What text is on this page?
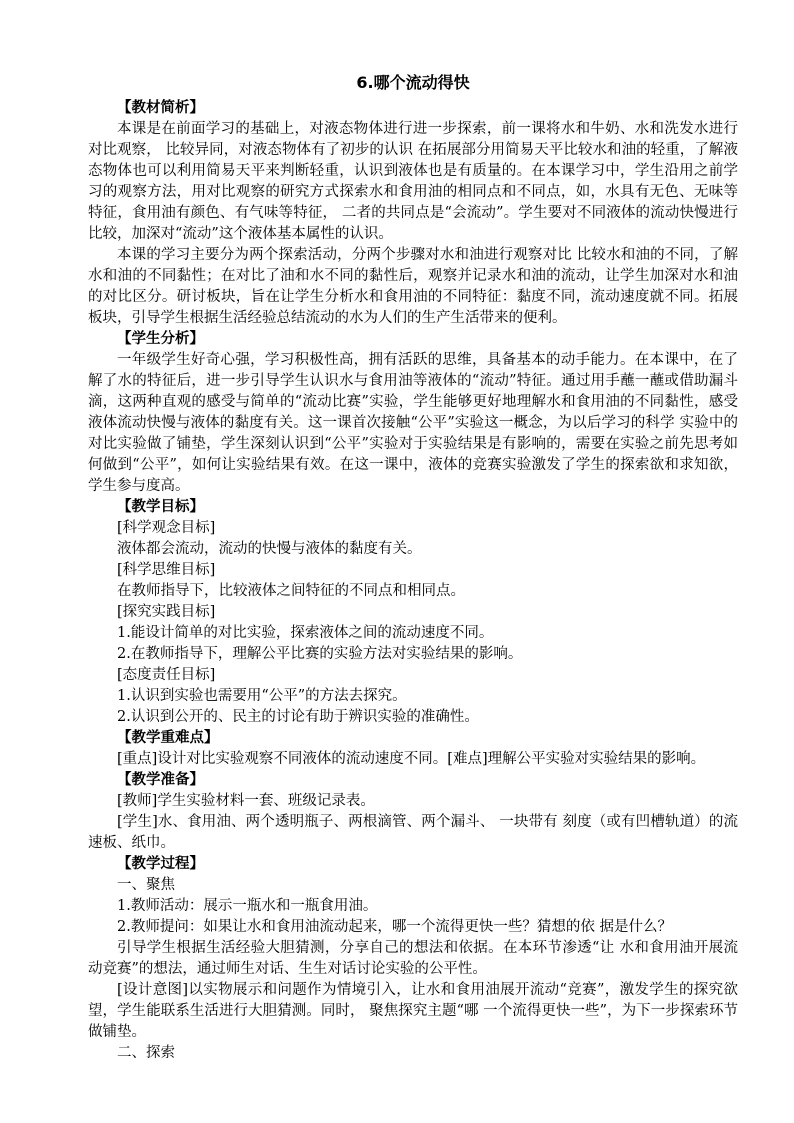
6.哪个流动得快
【教材简析】

本课是在前面学习的基础上，对液态物体进行进一步探索，前一课将水和牛奶、水和洗发水进行对比观察， 比较异同，对液态物体有了初步的认识 在拓展部分用简易天平比较水和油的轻重，了解液态物体也可以利用简易天平来判断轻重，认识到液体也是有质量的。在本课学习中，学生沿用之前学习的观察方法，用对比观察的研究方式探索水和食用油的相同点和不同点，如，水具有无色、无味等特征，食用油有颜色、有气味等特征， 二者的共同点是“会流动”。学生要对不同液体的流动快慢进行比较，加深对“流动”这个液体基本属性的认识。

本课的学习主要分为两个探索活动，分两个步骤对水和油进行观察对比 比较水和油的不同，了解水和油的不同黏性；在对比了油和水不同的黏性后，观察并记录水和油的流动，让学生加深对水和油的对比区分。研讨板块，旨在让学生分析水和食用油的不同特征：黏度不同，流动速度就不同。拓展板块，引导学生根据生活经验总结流动的水为人们的生产生活带来的便利。

【学生分析】

一年级学生好奇心强，学习积极性高，拥有活跃的思维，具备基本的动手能力。在本课中，在了解了水的特征后，进一步引导学生认识水与食用油等液体的“流动”特征。通过用手蘸一蘸或借助漏斗滴，这两种直观的感受与简单的“流动比赛”实验，学生能够更好地理解水和食用油的不同黏性，感受液体流动快慢与液体的黏度有关。这一课首次接触“公平”实验这一概念，为以后学习的科学 实验中的对比实验做了铺垫，学生深刻认识到“公平”实验对于实验结果是有影响的，需要在实验之前先思考如何做到“公平”，如何让实验结果有效。在这一课中，液体的竞赛实验激发了学生的探索欲和求知欲，学生参与度高。

【教学目标】

[科学观念目标]

液体都会流动，流动的快慢与液体的黏度有关。

[科学思维目标]

在教师指导下，比较液体之间特征的不同点和相同点。

[探究实践目标]

1.能设计简单的对比实验，探索液体之间的流动速度不同。

2.在教师指导下，理解公平比赛的实验方法对实验结果的影响。

[态度责任目标]

1.认识到实验也需要用“公平”的方法去探究。

2.认识到公开的、民主的讨论有助于辨识实验的准确性。

【教学重难点】

[重点]设计对比实验观察不同液体的流动速度不同。[难点]理解公平实验对实验结果的影响。

【教学准备】

[教师]学生实验材料一套、班级记录表。

[学生]水、食用油、两个透明瓶子、两根滴管、两个漏斗、 一块带有 刻度（或有凹槽轨道）的流速板、纸巾。

【教学过程】

一、聚焦

1.教师活动：展示一瓶水和一瓶食用油。

2.教师提问：如果让水和食用油流动起来，哪一个流得更快一些？猜想的依 据是什么？

引导学生根据生活经验大胆猜测，分享自己的想法和依据。在本环节渗透“让 水和食用油开展流动竞赛”的想法，通过师生对话、生生对话讨论实验的公平性。

[设计意图]以实物展示和问题作为情境引入，让水和食用油展开流动“竞赛”，激发学生的探究欲望，学生能联系生活进行大胆猜测。同时， 聚焦探究主题“哪 一个流得更快一些”，为下一步探索环节做铺垫。

二、探索
